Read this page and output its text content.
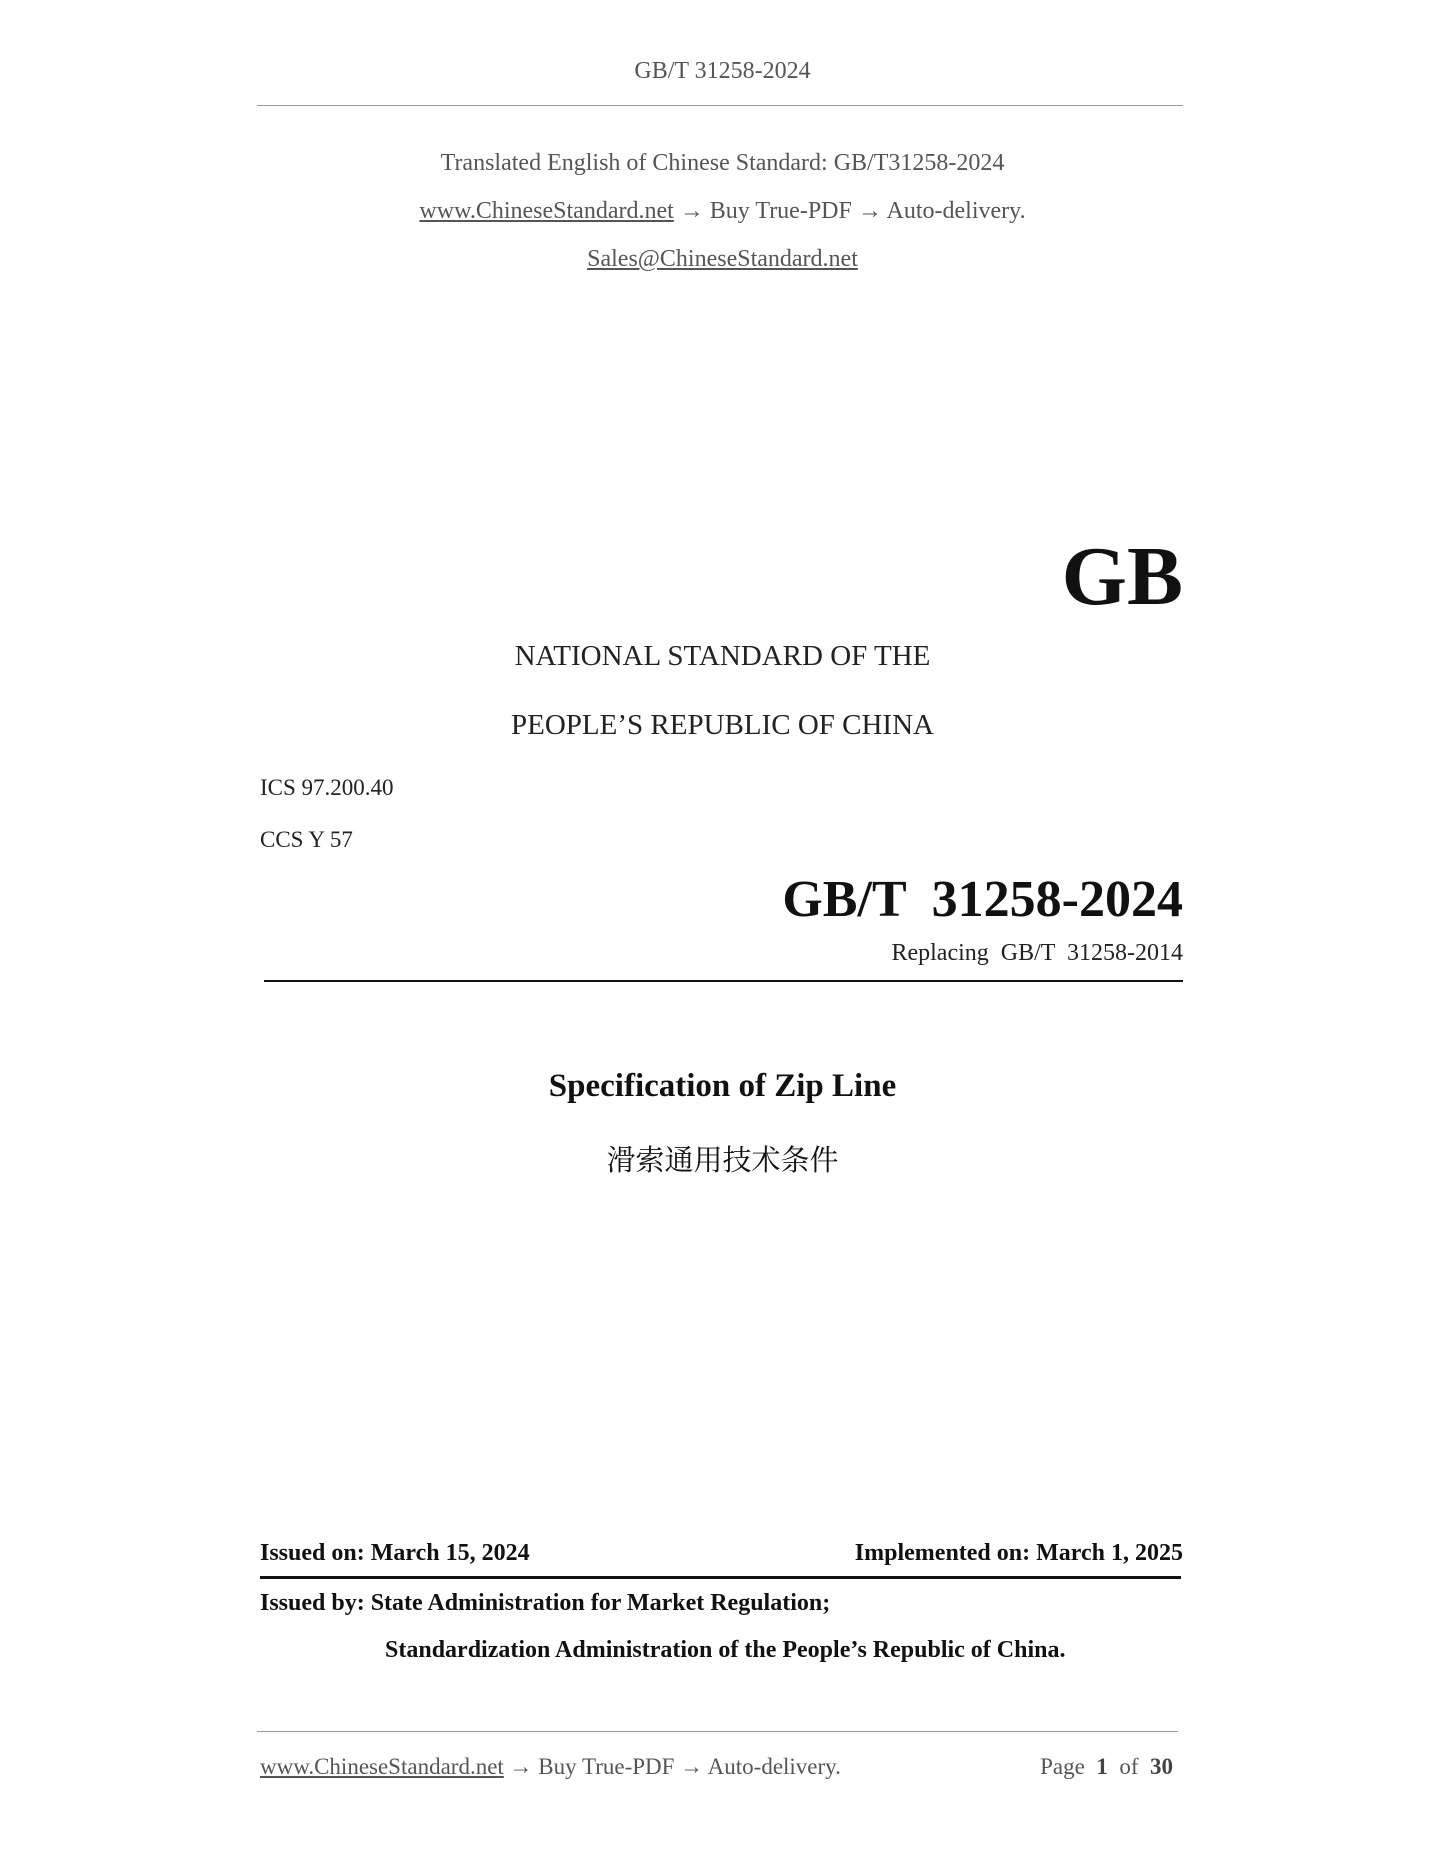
GB/T 31258-2024
Translated English of Chinese Standard: GB/T31258-2024
www.ChineseStandard.net → Buy True-PDF → Auto-delivery.
Sales@ChineseStandard.net
GB
NATIONAL STANDARD OF THE
PEOPLE’S REPUBLIC OF CHINA
ICS 97.200.40
CCS Y 57
GB/T  31258-2024
Replacing  GB/T  31258-2014
Specification of Zip Line
滑索通用技术条件
Issued on: March 15, 2024	Implemented on: March 1, 2025
Issued by: State Administration for Market Regulation;
Standardization Administration of the People’s Republic of China.
www.ChineseStandard.net → Buy True-PDF → Auto-delivery.	Page 1 of 30
